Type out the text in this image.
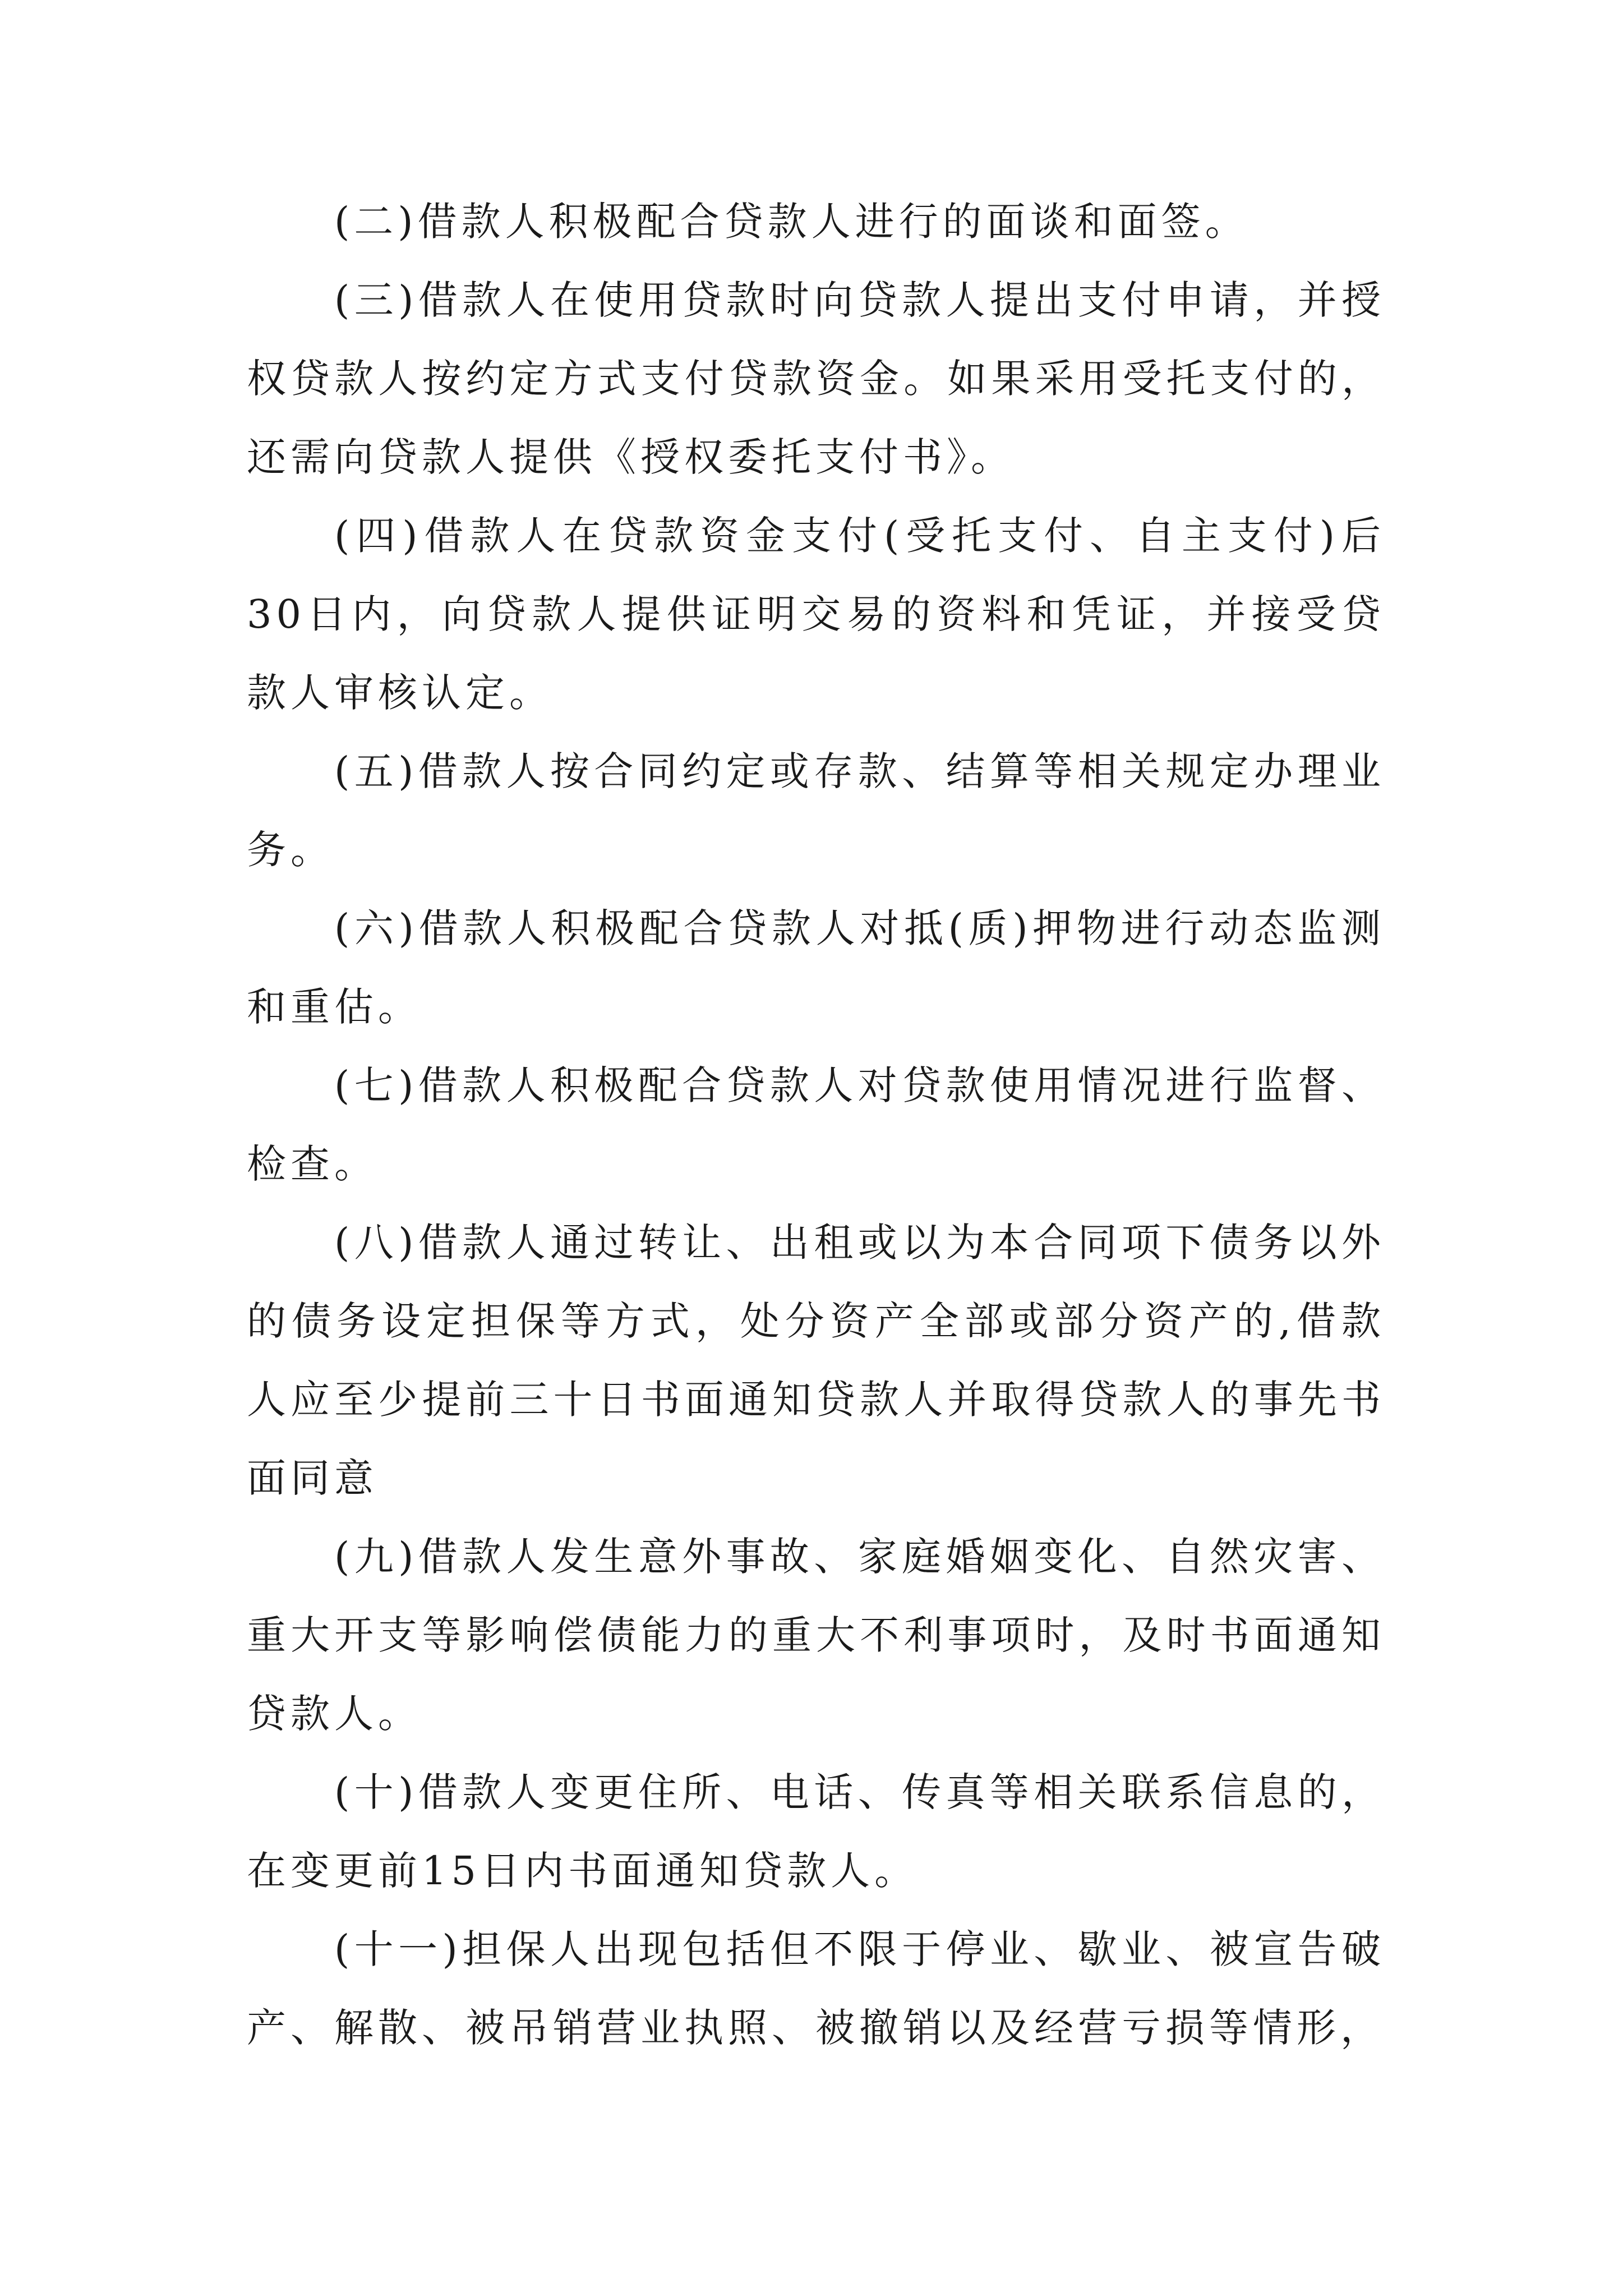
(二)借款人积极配合贷款人进行的面谈和面签。

(三)借款人在使用贷款时向贷款人提出支付申请，并授权贷款人按约定方式支付贷款资金。如果采用受托支付的，还需向贷款人提供《授权委托支付书》。

(四)借款人在贷款资金支付(受托支付、自主支付)后30日内，向贷款人提供证明交易的资料和凭证，并接受贷款人审核认定。

(五)借款人按合同约定或存款、结算等相关规定办理业务。

(六)借款人积极配合贷款人对抵(质)押物进行动态监测和重估。

(七)借款人积极配合贷款人对贷款使用情况进行监督、检查。

(八)借款人通过转让、出租或以为本合同项下债务以外的债务设定担保等方式，处分资产全部或部分资产的,借款人应至少提前三十日书面通知贷款人并取得贷款人的事先书面同意

(九)借款人发生意外事故、家庭婚姻变化、自然灾害、重大开支等影响偿债能力的重大不利事项时，及时书面通知贷款人。

(十)借款人变更住所、电话、传真等相关联系信息的，在变更前15日内书面通知贷款人。

(十一)担保人出现包括但不限于停业、歇业、被宣告破产、解散、被吊销营业执照、被撤销以及经营亏损等情形，
